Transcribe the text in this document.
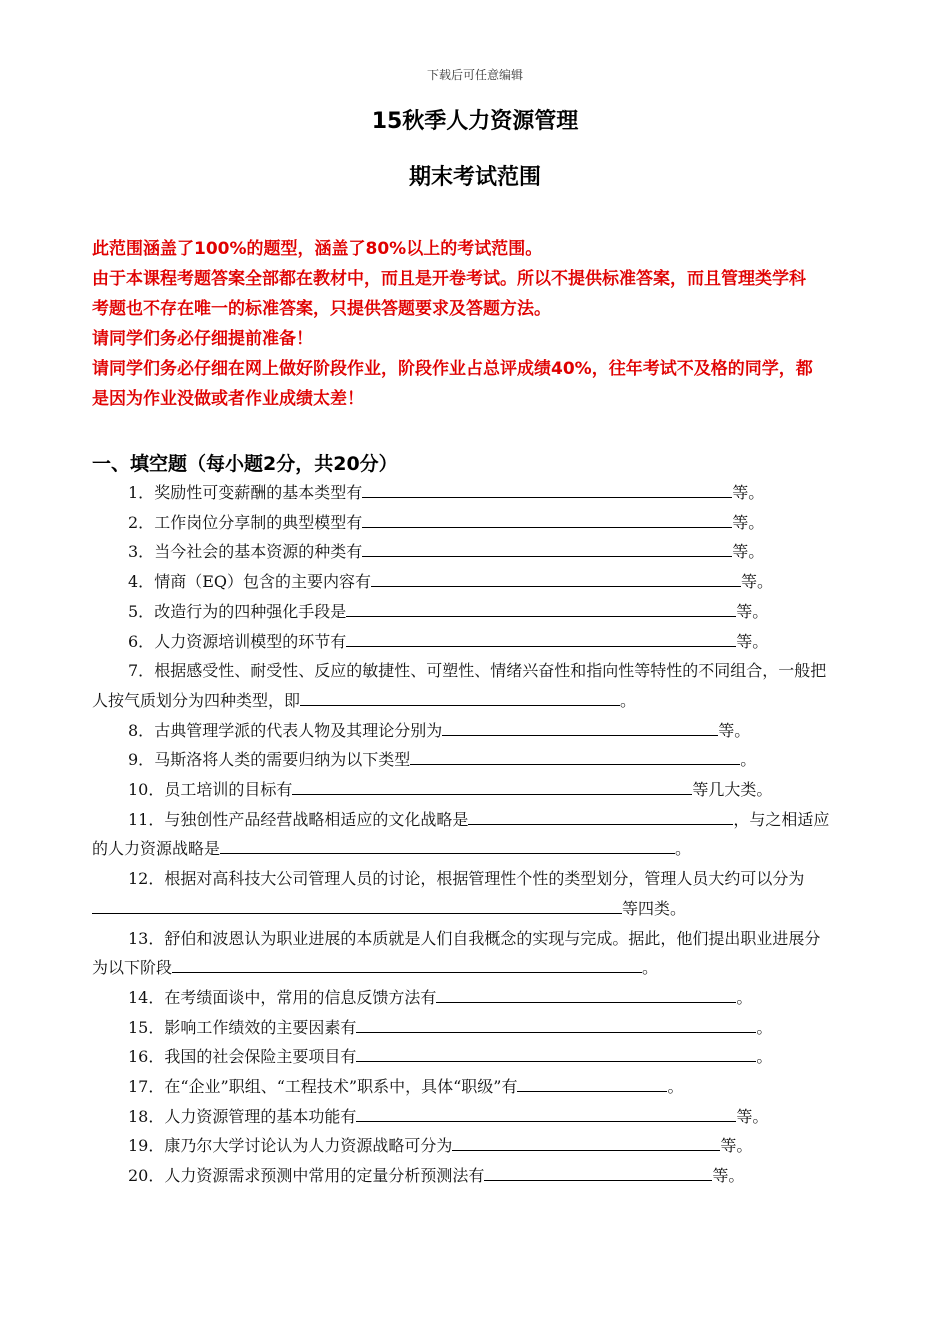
下载后可任意编辑
15秋季人力资源管理
期末考试范围

此范围涵盖了100%的题型，涵盖了80%以上的考试范围。

由于本课程考题答案全部都在教材中，而且是开卷考试。所以不提供标准答案，而且管理类学科考题也不存在唯一的标准答案，只提供答题要求及答题方法。

请同学们务必仔细提前准备！

请同学们务必仔细在网上做好阶段作业，阶段作业占总评成绩40%，往年考试不及格的同学，都是因为作业没做或者作业成绩太差！

一、填空题（每小题2分，共20分）

1．奖励性可变薪酬的基本类型有	等。

2．工作岗位分享制的典型模型有	等。

3．当今社会的基本资源的种类有	等。

4．情商（EQ）包含的主要内容有	等。

5．改造行为的四种强化手段是	等。

6．人力资源培训模型的环节有	等。

7．根据感受性、耐受性、反应的敏捷性、可塑性、情绪兴奋性和指向性等特性的不同组合，一般把人按气质划分为四种类型，即	。

8．古典管理学派的代表人物及其理论分别为	等。

9．马斯洛将人类的需要归纳为以下类型	。

10．员工培训的目标有	等几大类。

11．与独创性产品经营战略相适应的文化战略是	，与之相适应的人力资源战略是	。

12．根据对高科技大公司管理人员的讨论，根据管理性个性的类型划分，管理人员大约可以分为等四类。

13．舒伯和波恩认为职业进展的本质就是人们自我概念的实现与完成。据此，他们提出职业进展分为以下阶段	。

14．在考绩面谈中，常用的信息反馈方法有	。

15．影响工作绩效的主要因素有	。

16．我国的社会保险主要项目有	。

17．在“企业”职组、“工程技术”职系中，具体“职级”有	。

18．人力资源管理的基本功能有	等。

19．康乃尔大学讨论认为人力资源战略可分为	等。

20．人力资源需求预测中常用的定量分析预测法有	等。
